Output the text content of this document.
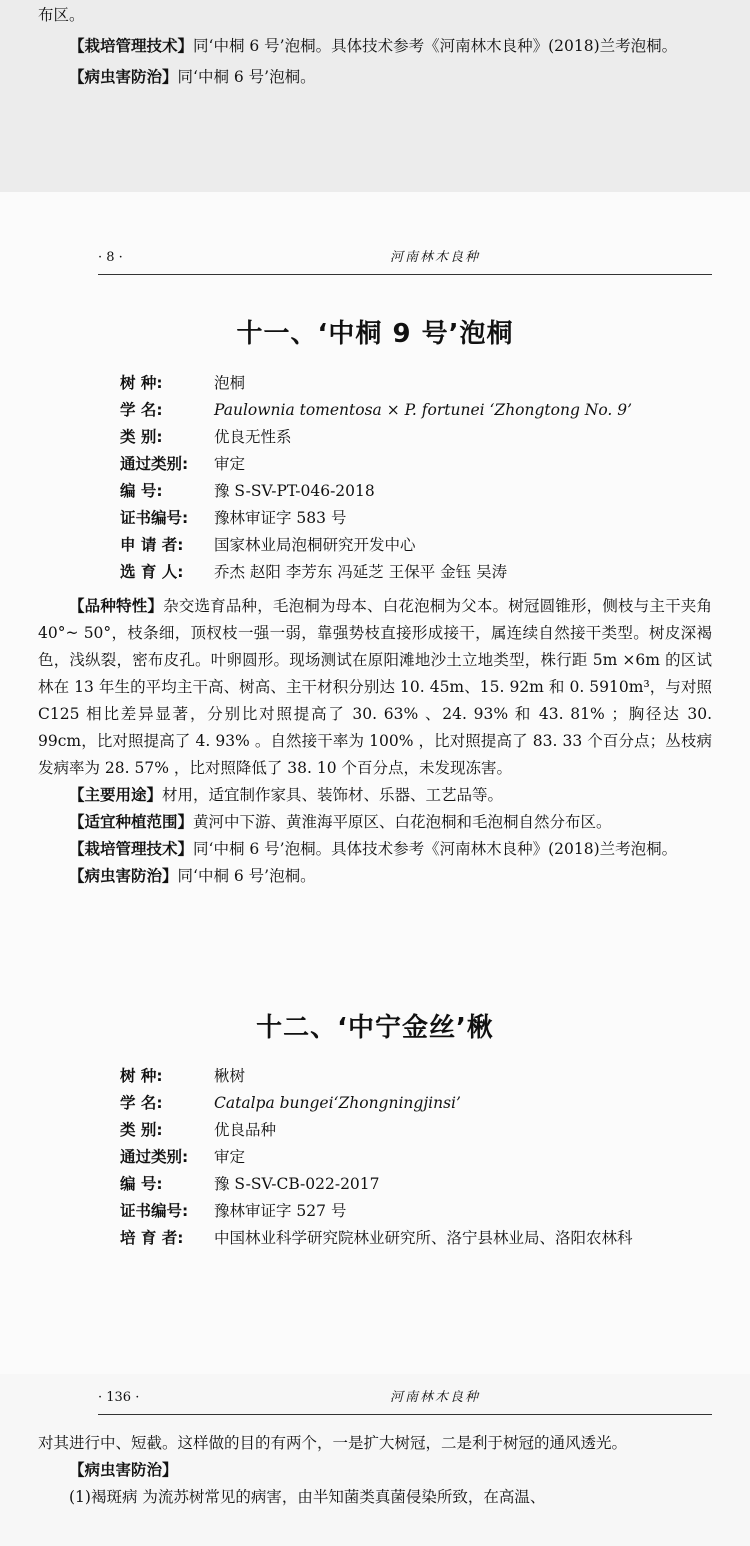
布区。

【栽培管理技术】同‘中桐 6 号’泡桐。具体技术参考《河南林木良种》(2018)兰考泡桐。

【病虫害防治】同‘中桐 6 号’泡桐。

· 8 ·	河南林木良种
十一、‘中桐 9 号’泡桐
树 种:	泡桐
学 名:	Paulownia tomentosa × P. fortunei ‘Zhongtong No. 9’
类 别:	优良无性系
通过类别:	审定
编 号:	豫 S-SV-PT-046-2018
证书编号:	豫林审证字 583 号
申 请 者:	国家林业局泡桐研究开发中心
选 育 人:	乔杰 赵阳 李芳东 冯延芝 王保平 金钰 吴涛

【品种特性】杂交选育品种，毛泡桐为母本、白花泡桐为父本。树冠圆锥形，侧枝与主干夹角 40°~ 50°，枝条细，顶杈枝一强一弱，靠强势枝直接形成接干，属连续自然接干类型。树皮深褐色，浅纵裂，密布皮孔。叶卵圆形。现场测试在原阳滩地沙土立地类型，株行距 5m ×6m 的区试林在 13 年生的平均主干高、树高、主干材积分别达 10. 45m、15. 92m 和 0. 5910m³，与对照 C125 相比差异显著，分别比对照提高了 30. 63% 、24. 93% 和 43. 81% ；胸径达 30. 99cm，比对照提高了 4. 93% 。自然接干率为 100% ，比对照提高了 83. 33 个百分点；丛枝病发病率为 28. 57% ，比对照降低了 38. 10 个百分点，未发现冻害。

【主要用途】材用，适宜制作家具、装饰材、乐器、工艺品等。

【适宜种植范围】黄河中下游、黄淮海平原区、白花泡桐和毛泡桐自然分布区。

【栽培管理技术】同‘中桐 6 号’泡桐。具体技术参考《河南林木良种》(2018)兰考泡桐。

【病虫害防治】同‘中桐 6 号’泡桐。

十二、‘中宁金丝’楸
树 种:	楸树
学 名:	Catalpa bungei‘Zhongningjinsi’
类 别:	优良品种
通过类别:	审定
编 号:	豫 S-SV-CB-022-2017
证书编号:	豫林审证字 527 号
培 育 者:	中国林业科学研究院林业研究所、洛宁县林业局、洛阳农林科
· 136 ·	河南林木良种

对其进行中、短截。这样做的目的有两个，一是扩大树冠，二是利于树冠的通风透光。

【病虫害防治】

(1)褐斑病 为流苏树常见的病害，由半知菌类真菌侵染所致，在高温、
